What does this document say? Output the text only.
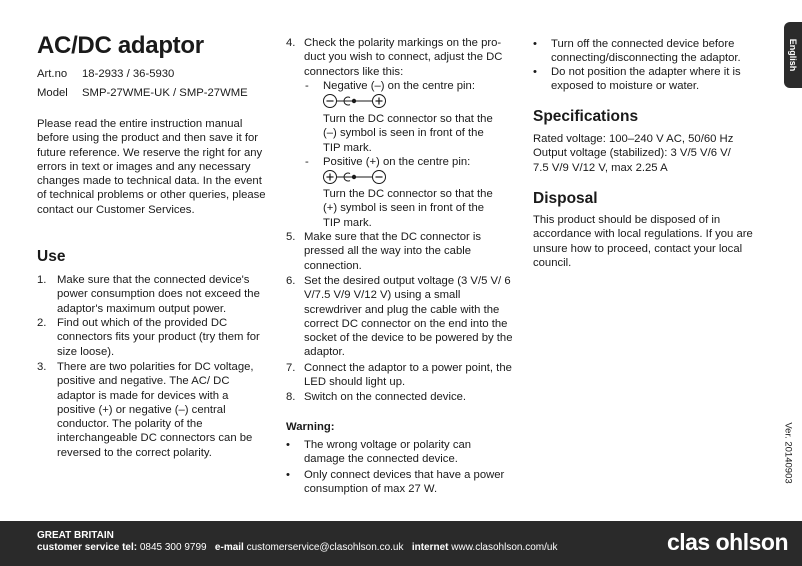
AC/DC adaptor
Art.no 18-2933 / 36-5930
Model SMP-27WME-UK / SMP-27WME

Please read the entire instruction manual before using the product and then save it for future reference. We reserve the right for any errors in text or images and any necessary changes made to technical data. In the event of technical problems or other queries, please contact our Customer Services.

Use
1. Make sure that the connected device's power consumption does not exceed the adaptor's maximum output power.
2. Find out which of the provided DC connectors fits your product (try them for size loose).
3. There are two polarities for DC voltage, positive and negative. The AC/ DC adaptor is made for devices with a positive (+) or negative (–) central conductor. The polarity of the interchangeable DC connectors can be reversed to the correct polarity.
4. Check the polarity markings on the pro- duct you wish to connect, adjust the DC connectors like this:
- Negative (–) on the centre pin:
Turn the DC connector so that the (–) symbol is seen in front of the TIP mark.
- Positive (+) on the centre pin:
Turn the DC connector so that the (+) symbol is seen in front of the TIP mark.
5. Make sure that the DC connector is pressed all the way into the cable connection.
6. Set the desired output voltage (3 V/5 V/ 6 V/7.5 V/9 V/12 V) using a small screwdriver and plug the cable with the correct DC connector on the end into the socket of the device to be powered by the adaptor.
7. Connect the adaptor to a power point, the LED should light up.
8. Switch on the connected device.
Warning:
• The wrong voltage or polarity can damage the connected device.
• Only connect devices that have a power consumption of max 27 W.
• Turn off the connected device before connecting/disconnecting the adaptor.
• Do not position the adapter where it is exposed to moisture or water.
Specifications

Rated voltage: 100–240 V AC, 50/60 Hz Output voltage (stabilized): 3 V/5 V/6 V/ 7.5 V/9 V/12 V, max 2.25 A

Disposal

This product should be disposed of in accordance with local regulations. If you are unsure how to proceed, contact your local council.

English
Ver. 20140903
GREAT BRITAIN
customer service tel: 0845 300 9799 e-mail customerservice@clasohlson.co.uk internet www.clasohlson.com/uk	clas ohlson
